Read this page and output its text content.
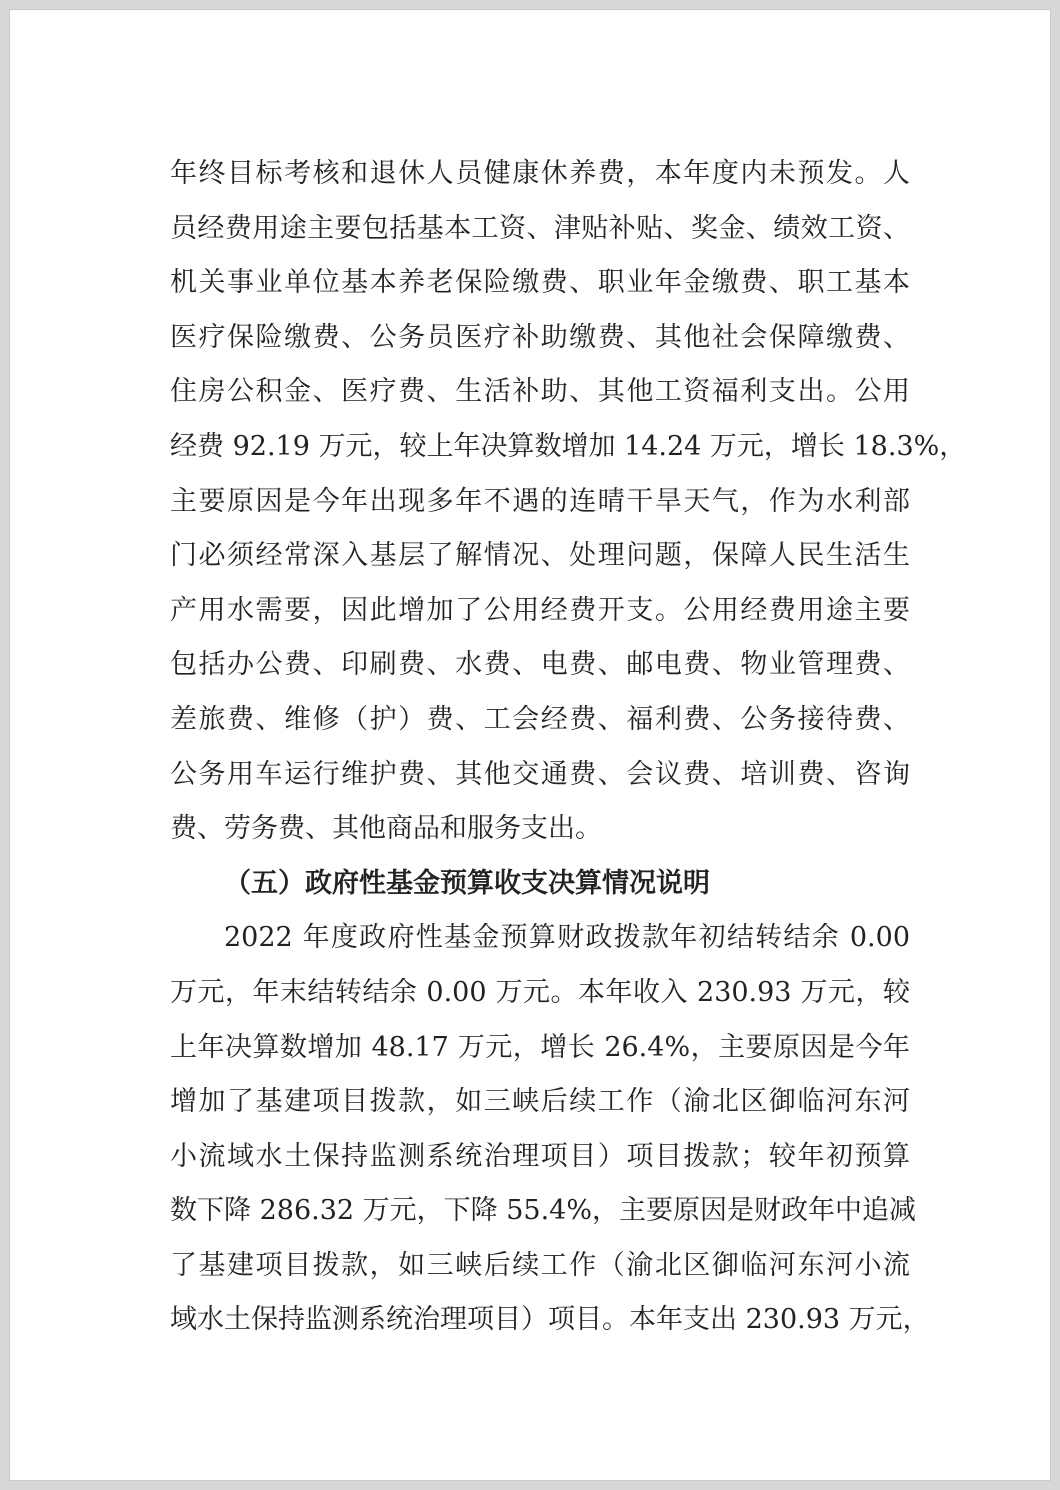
年终目标考核和退休人员健康休养费，本年度内未预发。人
员经费用途主要包括基本工资、津贴补贴、奖金、绩效工资、
机关事业单位基本养老保险缴费、职业年金缴费、职工基本
医疗保险缴费、公务员医疗补助缴费、其他社会保障缴费、
住房公积金、医疗费、生活补助、其他工资福利支出。公用
经费 92.19 万元，较上年决算数增加 14.24 万元，增长 18.3%，
主要原因是今年出现多年不遇的连晴干旱天气，作为水利部
门必须经常深入基层了解情况、处理问题，保障人民生活生
产用水需要，因此增加了公用经费开支。公用经费用途主要
包括办公费、印刷费、水费、电费、邮电费、物业管理费、
差旅费、维修（护）费、工会经费、福利费、公务接待费、
公务用车运行维护费、其他交通费、会议费、培训费、咨询
费、劳务费、其他商品和服务支出。
（五）政府性基金预算收支决算情况说明
2022 年度政府性基金预算财政拨款年初结转结余 0.00
万元，年末结转结余 0.00 万元。本年收入 230.93 万元，较
上年决算数增加 48.17 万元，增长 26.4%，主要原因是今年
增加了基建项目拨款，如三峡后续工作（渝北区御临河东河
小流域水土保持监测系统治理项目）项目拨款；较年初预算
数下降 286.32 万元，下降 55.4%，主要原因是财政年中追减
了基建项目拨款，如三峡后续工作（渝北区御临河东河小流
域水土保持监测系统治理项目）项目。本年支出 230.93 万元，
